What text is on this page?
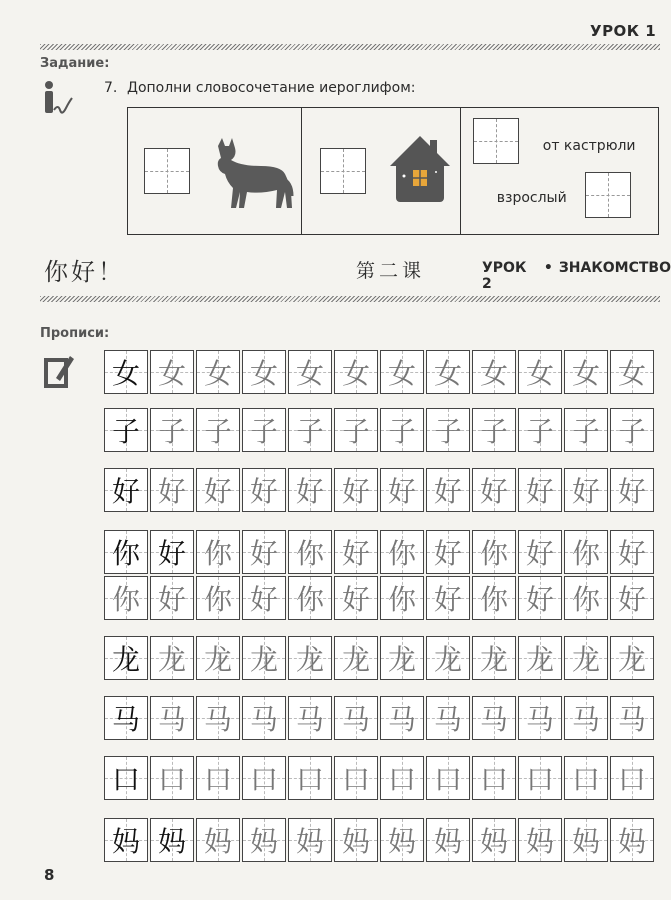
УРОК 1
Задание:
7. Дополни словосочетание иероглифом:
от кастрюли
взрослый
你好！	第二课	УРОК 2
• ЗНАКОМСТВО
Прописи:
女 女 女 女 女 女 女 女 女 女 女 女
子 子 子 子 子 子 子 子 子 子 子 子
好 好 好 好 好 好 好 好 好 好 好 好
你 好 你 好 你 好 你 好 你 好 你 好
你 好 你 好 你 好 你 好 你 好 你 好
龙 龙 龙 龙 龙 龙 龙 龙 龙 龙 龙 龙
马 马 马 马 马 马 马 马 马 马 马 马
口 口 口 口 口 口 口 口 口 口 口 口
妈 妈 妈 妈 妈 妈 妈 妈 妈 妈 妈 妈
8
